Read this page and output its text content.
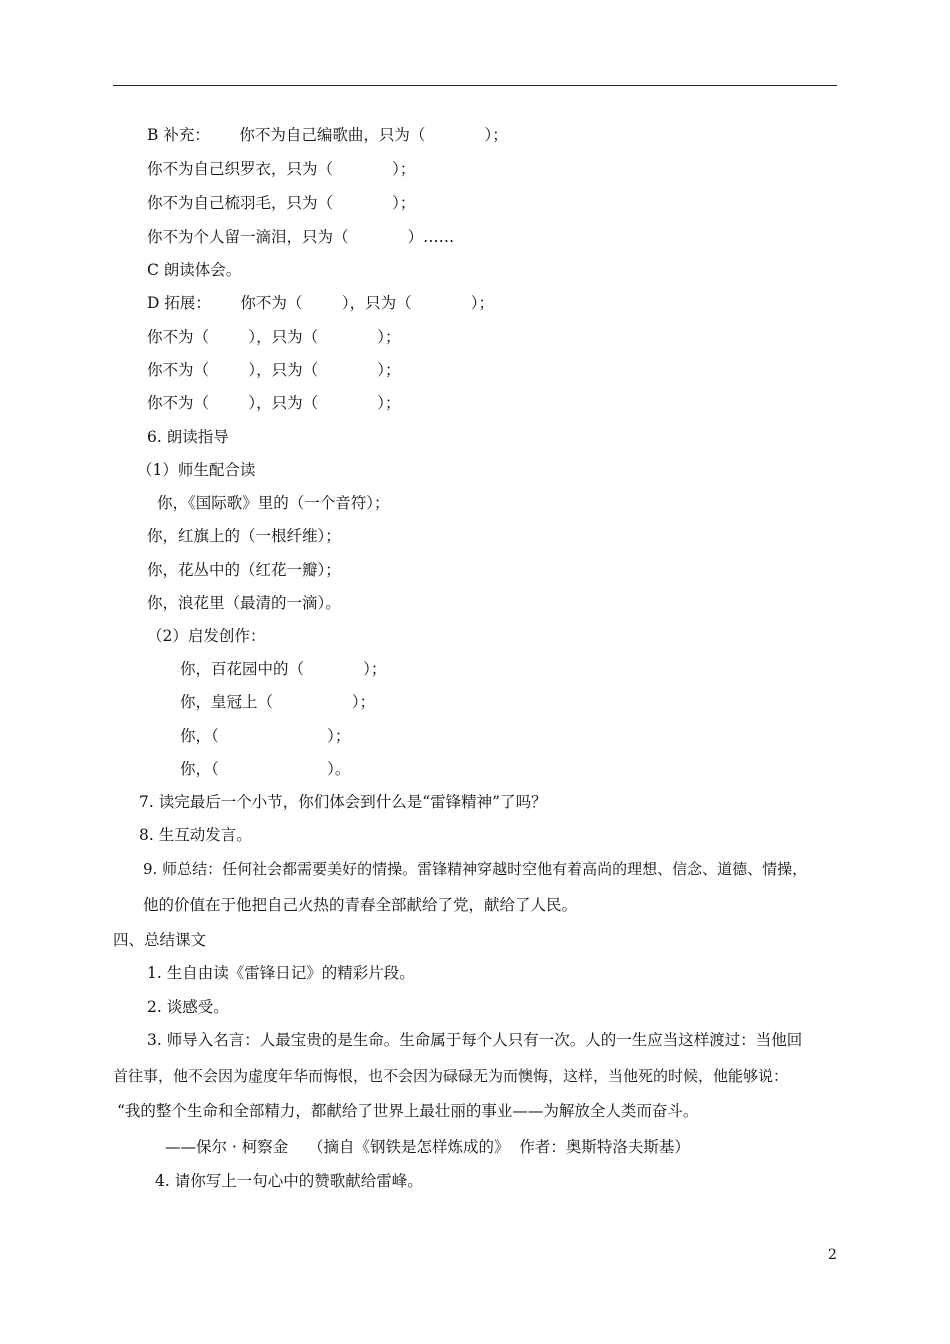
B 补充：      你不为自己编歌曲，只为（            ）；
你不为自己织罗衣，只为（            ）；
你不为自己梳羽毛，只为（            ）；
你不为个人留一滴泪，只为（            ）……
C 朗读体会。
D 拓展：      你不为（        ），只为（            ）；
你不为（        ），只为（            ）；
你不为（        ），只为（            ）；
你不为（        ），只为（            ）；
6. 朗读指导
（1）师生配合读
你，《国际歌》里的（一个音符）；
你，红旗上的（一根纤维）；
你，花丛中的（红花一瓣）；
你，浪花里（最清的一滴）。
（2）启发创作：
你，百花园中的（            ）；
你，皇冠上（                ）；
你，（                      ）；
你，（                      ）。
7. 读完最后一个小节，你们体会到什么是“雷锋精神”了吗？
8. 生互动发言。
9. 师总结：任何社会都需要美好的情操。雷锋精神穿越时空他有着高尚的理想、信念、道德、情操，
他的价值在于他把自己火热的青春全部献给了党，献给了人民。
四、总结课文
1. 生自由读《雷锋日记》的精彩片段。
2. 谈感受。
3. 师导入名言：人最宝贵的是生命。生命属于每个人只有一次。人的一生应当这样渡过：当他回
首往事，他不会因为虚度年华而悔恨，也不会因为碌碌无为而懊悔，这样，当他死的时候，他能够说：
“我的整个生命和全部精力，都献给了世界上最壮丽的事业——为解放全人类而奋斗。
——保尔 · 柯察金    （摘自《钢铁是怎样炼成的》  作者：奥斯特洛夫斯基）
4. 请你写上一句心中的赞歌献给雷峰。
2
